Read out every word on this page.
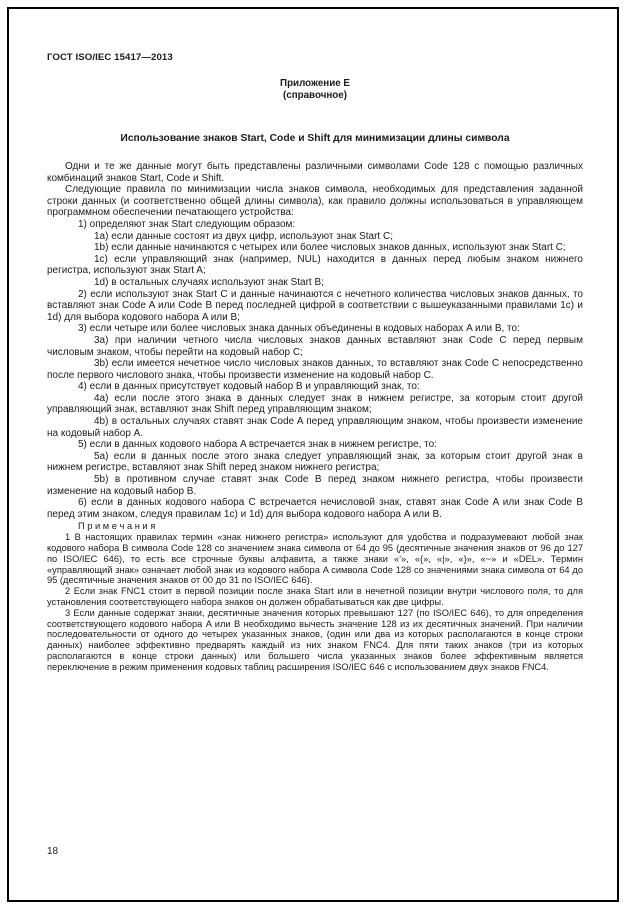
ГОСТ ISO/IEC 15417—2013
Приложение Е
(справочное)
Использование знаков Start, Code и Shift для минимизации длины символа

Одни и те же данные могут быть представлены различными символами Code 128 с помощью различных комбинаций знаков Start, Code и Shift.

Следующие правила по минимизации числа знаков символа, необходимых для представления заданной строки данных (и соответственно общей длины символа), как правило должны использоваться в управляющем программном обеспечении печатающего устройства:

1) определяют знак Start следующим образом:

1a) если данные состоят из двух цифр, используют знак Start C;

1b) если данные начинаются с четырех или более числовых знаков данных, используют знак Start C;

1c) если управляющий знак (например, NUL) находится в данных перед любым знаком нижнего регистра, используют знак Start A;

1d) в остальных случаях используют знак Start B;

2) если используют знак Start C и данные начинаются с нечетного количества числовых знаков данных, то вставляют знак Code A или Code B перед последней цифрой в соответствии с вышеуказанными правилами 1c) и 1d) для выбора кодового набора A или B;

3) если четыре или более числовых знака данных объединены в кодовых наборах A или B, то:

3a) при наличии четного числа числовых знаков данных вставляют знак Code C перед первым числовым знаком, чтобы перейти на кодовый набор C;

3b) если имеется нечетное число числовых знаков данных, то вставляют знак Code C непосредственно после первого числового знака, чтобы произвести изменение на кодовый набор C.

4) если в данных присутствует кодовый набор B и управляющий знак, то:

4a) если после этого знака в данных следует знак в нижнем регистре, за которым стоит другой управляющий знак, вставляют знак Shift перед управляющим знаком;

4b) в остальных случаях ставят знак Code A перед управляющим знаком, чтобы произвести изменение на кодовый набор A.

5) если в данных кодового набора A встречается знак в нижнем регистре, то:

5a) если в данных после этого знака следует управляющий знак, за которым стоит другой знак в нижнем регистре, вставляют знак Shift перед знаком нижнего регистра;

5b) в противном случае ставят знак Code B перед знаком нижнего регистра, чтобы произвести изменение на кодовый набор B.

6) если в данных кодового набора C встречается нечисловой знак, ставят знак Code A или знак Code B перед этим знаком, следуя правилам 1c) и 1d) для выбора кодового набора A или B.

П р и м е ч а н и я

1 В настоящих правилах термин «знак нижнего регистра» используют для удобства и подразумевают любой знак кодового набора B символа Code 128 со значением знака символа от 64 до 95 (десятичные значения знаков от 96 до 127 по ISO/IEC 646), то есть все строчные буквы алфавита, а также знаки «'», «{», «|», «}», «~» и «DEL». Термин «управляющий знак» означает любой знак из кодового набора A символа Code 128 со значениями знака символа от 64 до 95 (десятичные значения знаков от 00 до 31 по ISO/IEC 646).

2 Если знак FNC1 стоит в первой позиции после знака Start или в нечетной позиции внутри числового поля, то для установления соответствующего набора знаков он должен обрабатываться как две цифры.

3 Если данные содержат знаки, десятичные значения которых превышают 127 (по ISO/IEC 646), то для определения соответствующего кодового набора A или B необходимо вычесть значение 128 из их десятичных значений. При наличии последовательности от одного до четырех указанных знаков, (один или два из которых располагаются в конце строки данных) наиболее эффективно предварять каждый из них знаком FNC4. Для пяти таких знаков (три из которых располагаются в конце строки данных) или большего числа указанных знаков более эффективным является переключение в режим применения кодовых таблиц расширения ISO/IEC 646 с использованием двух знаков FNC4.

18
